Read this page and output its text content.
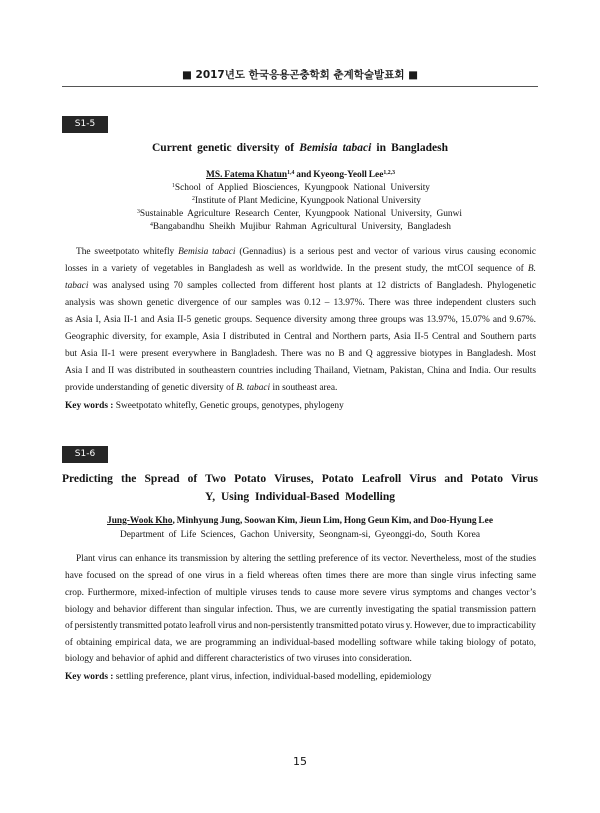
■ 2017년도 한국응용곤충학회 춘계학술발표회 ■
S1-5
Current genetic diversity of Bemisia tabaci in Bangladesh
MS. Fatema Khatun$^{1,4}$ and Kyeong-Yeoll Lee$^{1,2,3}$
$^1$School of Applied Biosciences, Kyungpook National University
$^2$Institute of Plant Medicine, Kyungpook National University
$^3$Sustainable Agriculture Research Center, Kyungpook National University, Gunwi
$^4$Bangabandhu Sheikh Mujibur Rahman Agricultural University, Bangladesh
The sweetpotato whitefly Bemisia tabaci (Gennadius) is a serious pest and vector of various virus causing economic
losses in a variety of vegetables in Bangladesh as well as worldwide. In the present study, the mtCOI sequence of B.
tabaci was analysed using 70 samples collected from different host plants at 12 districts of Bangladesh. Phylogenetic
analysis was shown genetic divergence of our samples was 0.12 – 13.97%. There was three independent clusters such
as Asia I, Asia II-1 and Asia II-5 genetic groups. Sequence diversity among three groups was 13.97%, 15.07% and 9.67%.
Geographic diversity, for example, Asia I distributed in Central and Northern parts, Asia II-5 Central and Southern parts
but Asia II-1 were present everywhere in Bangladesh. There was no B and Q aggressive biotypes in Bangladesh. Most
Asia I and II was distributed in southeastern countries including Thailand, Vietnam, Pakistan, China and India. Our results
provide understanding of genetic diversity of B. tabaci in southeast area.
Key words : Sweetpotato whitefly, Genetic groups, genotypes, phylogeny
S1-6
Predicting the Spread of Two Potato Viruses, Potato Leafroll Virus and Potato Virus
Y, Using Individual-Based Modelling
Jung-Wook Kho, Minhyung Jung, Soowan Kim, Jieun Lim, Hong Geun Kim, and Doo-Hyung Lee
Department of Life Sciences, Gachon University, Seongnam-si, Gyeonggi-do, South Korea
Plant virus can enhance its transmission by altering the settling preference of its vector. Nevertheless, most of the studies
have focused on the spread of one virus in a field whereas often times there are more than single virus infecting same
crop. Furthermore, mixed-infection of multiple viruses tends to cause more severe virus symptoms and changes vector’s
biology and behavior different than singular infection. Thus, we are currently investigating the spatial transmission pattern
of persistently transmitted potato leafroll virus and non-persistently transmitted potato virus y. However, due to impracticability
of obtaining empirical data, we are programming an individual-based modelling software while taking biology of potato,
biology and behavior of aphid and different characteristics of two viruses into consideration.
Key words : settling preference, plant virus, infection, individual-based modelling, epidemiology
15
